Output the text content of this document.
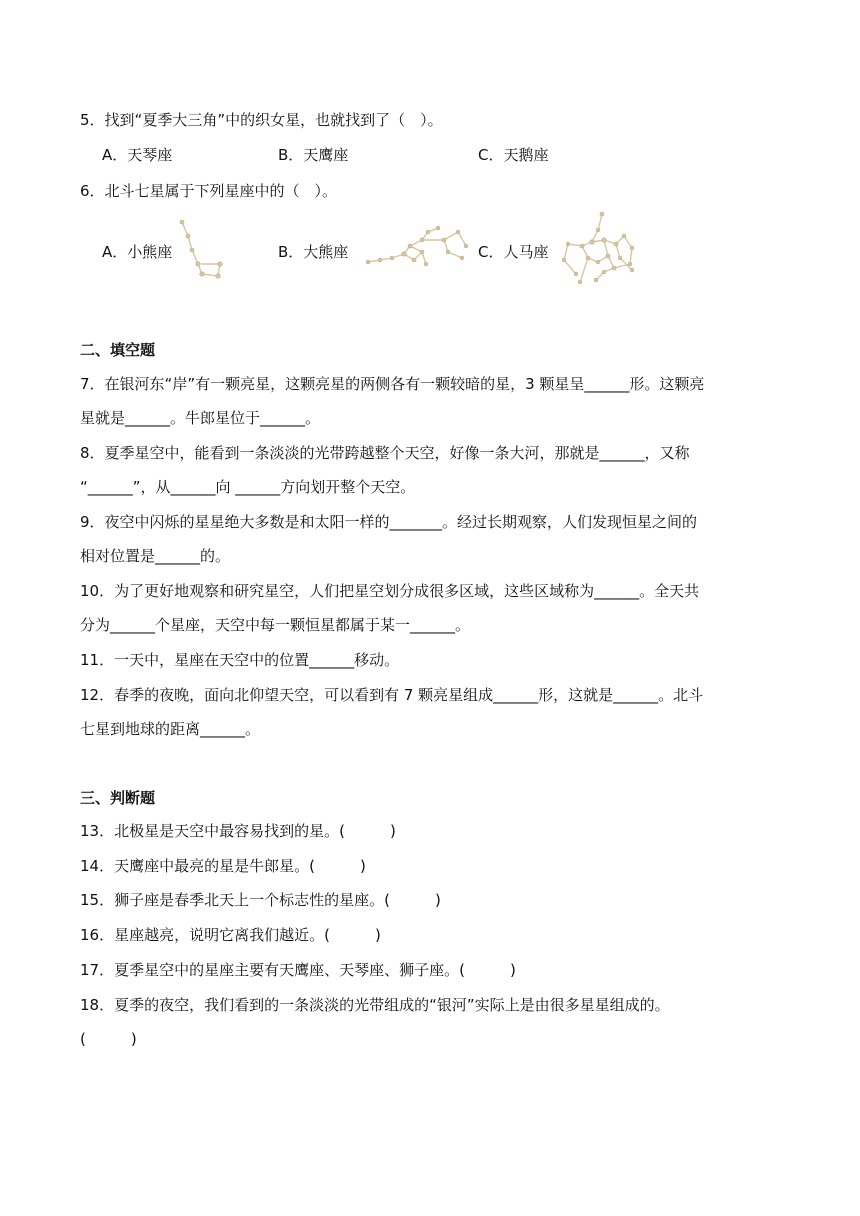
5．找到“夏季大三角”中的织女星，也就找到了（　）。
A．天琴座	B．天鹰座	C．天鹅座
6．北斗七星属于下列星座中的（　）。
A．小熊座	B．大熊座	C．人马座
二、填空题
7．在银河东“岸”有一颗亮星，这颗亮星的两侧各有一颗较暗的星，3 颗星呈______形。这颗亮
星就是______。牛郎星位于______。
8．夏季星空中，能看到一条淡淡的光带跨越整个天空，好像一条大河，那就是______，又称
“______”，从______向 ______方向划开整个天空。
9．夜空中闪烁的星星绝大多数是和太阳一样的_______。经过长期观察，人们发现恒星之间的
相对位置是______的。
10．为了更好地观察和研究星空，人们把星空划分成很多区域，这些区域称为______。全天共
分为______个星座，天空中每一颗恒星都属于某一______。
11．一天中，星座在天空中的位置______移动。
12．春季的夜晚，面向北仰望天空，可以看到有 7 颗亮星组成______形，这就是______。北斗
七星到地球的距离______。
三、判断题
13．北极星是天空中最容易找到的星。(　　　)
14．天鹰座中最亮的星是牛郎星。(　　　)
15．狮子座是春季北天上一个标志性的星座。(　　　)
16．星座越亮，说明它离我们越近。(　　　)
17．夏季星空中的星座主要有天鹰座、天琴座、狮子座。(　　　)
18．夏季的夜空，我们看到的一条淡淡的光带组成的“银河”实际上是由很多星星组成的。
(　　　)
